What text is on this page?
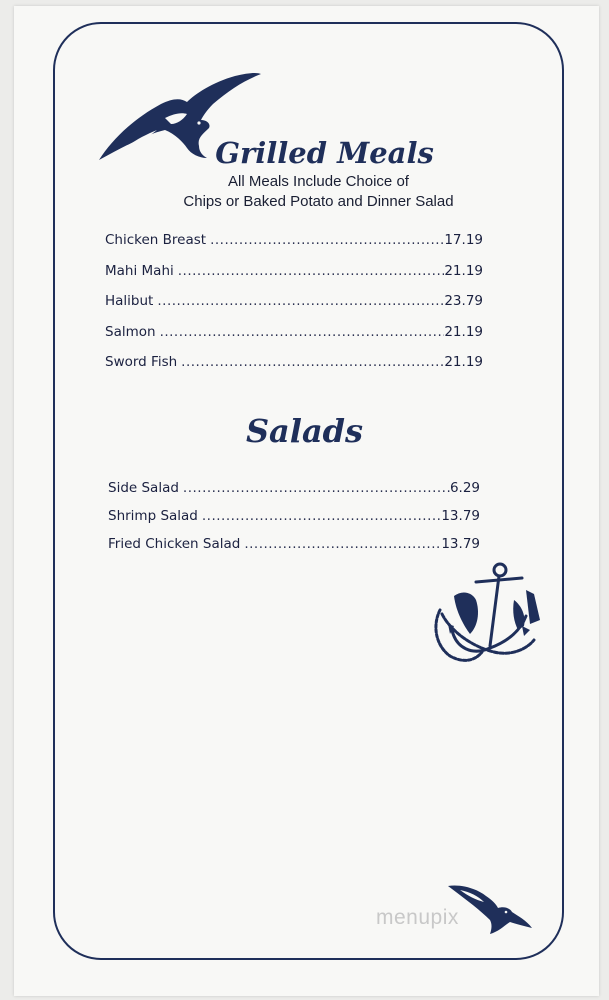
Grilled Meals
All Meals Include Choice of
Chips or Baked Potato and Dinner Salad
Chicken Breast .....	17.19
Mahi Mahi .....	21.19
Halibut .....	23.79
Salmon .....	21.19
Sword Fish .....	21.19
Salads
Side Salad .....	6.29
Shrimp Salad .....	13.79
Fried Chicken Salad .....	13.79
menupix
